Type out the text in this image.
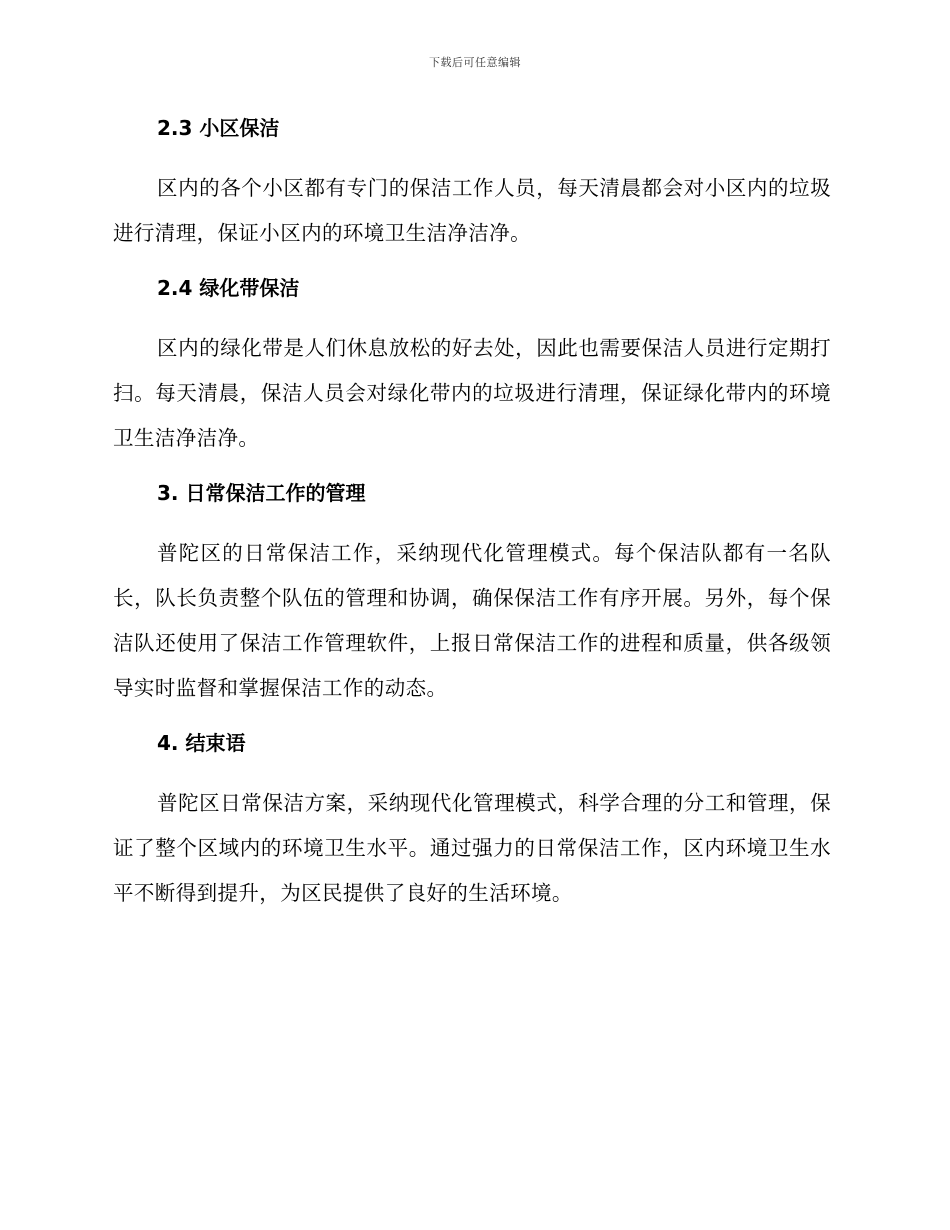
下载后可任意编辑
2.3 小区保洁

区内的各个小区都有专门的保洁工作人员，每天清晨都会对小区内的垃圾进行清理，保证小区内的环境卫生洁净洁净。

2.4 绿化带保洁

区内的绿化带是人们休息放松的好去处，因此也需要保洁人员进行定期打扫。每天清晨，保洁人员会对绿化带内的垃圾进行清理，保证绿化带内的环境卫生洁净洁净。

3. 日常保洁工作的管理

普陀区的日常保洁工作，采纳现代化管理模式。每个保洁队都有一名队长，队长负责整个队伍的管理和协调，确保保洁工作有序开展。另外，每个保洁队还使用了保洁工作管理软件，上报日常保洁工作的进程和质量，供各级领导实时监督和掌握保洁工作的动态。

4. 结束语

普陀区日常保洁方案，采纳现代化管理模式，科学合理的分工和管理，保证了整个区域内的环境卫生水平。通过强力的日常保洁工作，区内环境卫生水平不断得到提升，为区民提供了良好的生活环境。
